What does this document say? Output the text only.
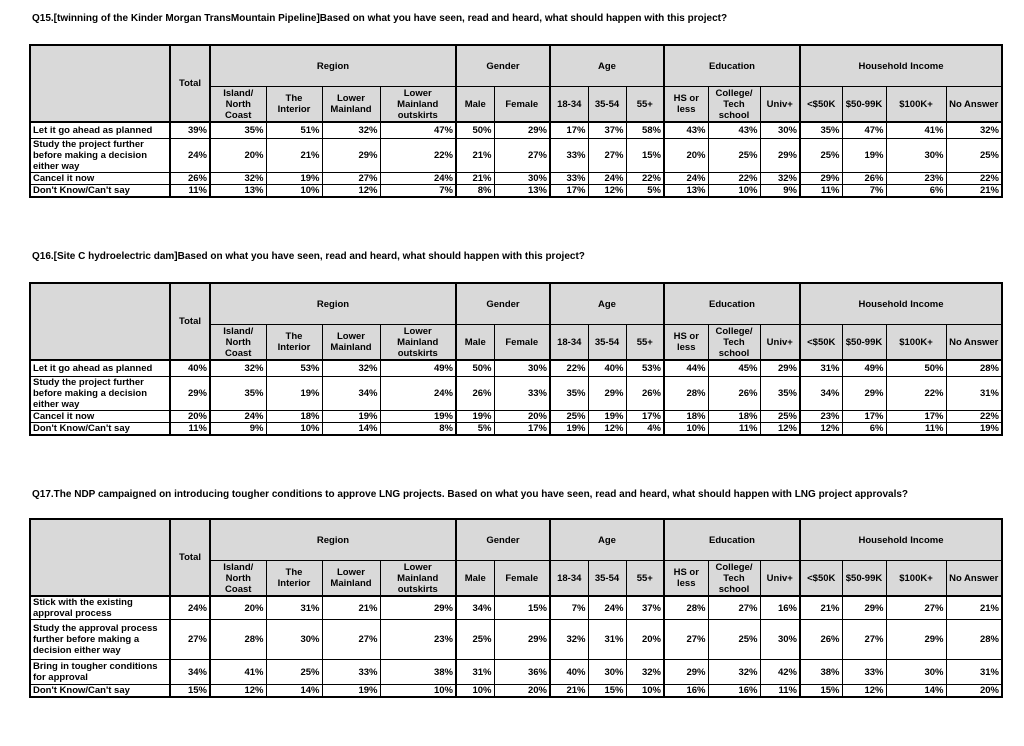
Q15.[twinning of the Kinder Morgan TransMountain Pipeline]Based on what you have seen, read and heard, what should happen with this project?
	Total	Region				Gender		Age			Education			Household Income			
		Island/ North Coast	The Interior	Lower Mainland	Lower Mainland outskirts	Male	Female	18-34	35-54	55+	HS or less	College/ Tech school	Univ+	<$50K	$50-99K	$100K+	No Answer
Let it go ahead as planned	39%	35%	51%	32%	47%	50%	29%	17%	37%	58%	43%	43%	30%	35%	47%	41%	32%
Study the project further before making a decision either way	24%	20%	21%	29%	22%	21%	27%	33%	27%	15%	20%	25%	29%	25%	19%	30%	25%
Cancel it now	26%	32%	19%	27%	24%	21%	30%	33%	24%	22%	24%	22%	32%	29%	26%	23%	22%
Don't Know/Can't say	11%	13%	10%	12%	7%	8%	13%	17%	12%	5%	13%	10%	9%	11%	7%	6%	21%
Q16.[Site C hydroelectric dam]Based on what you have seen, read and heard, what should happen with this project?
	Total	Region				Gender		Age			Education			Household Income			
		Island/ North Coast	The Interior	Lower Mainland	Lower Mainland outskirts	Male	Female	18-34	35-54	55+	HS or less	College/ Tech school	Univ+	<$50K	$50-99K	$100K+	No Answer
Let it go ahead as planned	40%	32%	53%	32%	49%	50%	30%	22%	40%	53%	44%	45%	29%	31%	49%	50%	28%
Study the project further before making a decision either way	29%	35%	19%	34%	24%	26%	33%	35%	29%	26%	28%	26%	35%	34%	29%	22%	31%
Cancel it now	20%	24%	18%	19%	19%	19%	20%	25%	19%	17%	18%	18%	25%	23%	17%	17%	22%
Don't Know/Can't say	11%	9%	10%	14%	8%	5%	17%	19%	12%	4%	10%	11%	12%	12%	6%	11%	19%
Q17.The NDP campaigned on introducing tougher conditions to approve LNG projects. Based on what you have seen, read and heard, what should happen with LNG project approvals?
	Total	Region				Gender		Age			Education			Household Income			
		Island/ North Coast	The Interior	Lower Mainland	Lower Mainland outskirts	Male	Female	18-34	35-54	55+	HS or less	College/ Tech school	Univ+	<$50K	$50-99K	$100K+	No Answer
Stick with the existing approval process	24%	20%	31%	21%	29%	34%	15%	7%	24%	37%	28%	27%	16%	21%	29%	27%	21%
Study the approval process further before making a decision either way	27%	28%	30%	27%	23%	25%	29%	32%	31%	20%	27%	25%	30%	26%	27%	29%	28%
Bring in tougher conditions for approval	34%	41%	25%	33%	38%	31%	36%	40%	30%	32%	29%	32%	42%	38%	33%	30%	31%
Don't Know/Can't say	15%	12%	14%	19%	10%	10%	20%	21%	15%	10%	16%	16%	11%	15%	12%	14%	20%
